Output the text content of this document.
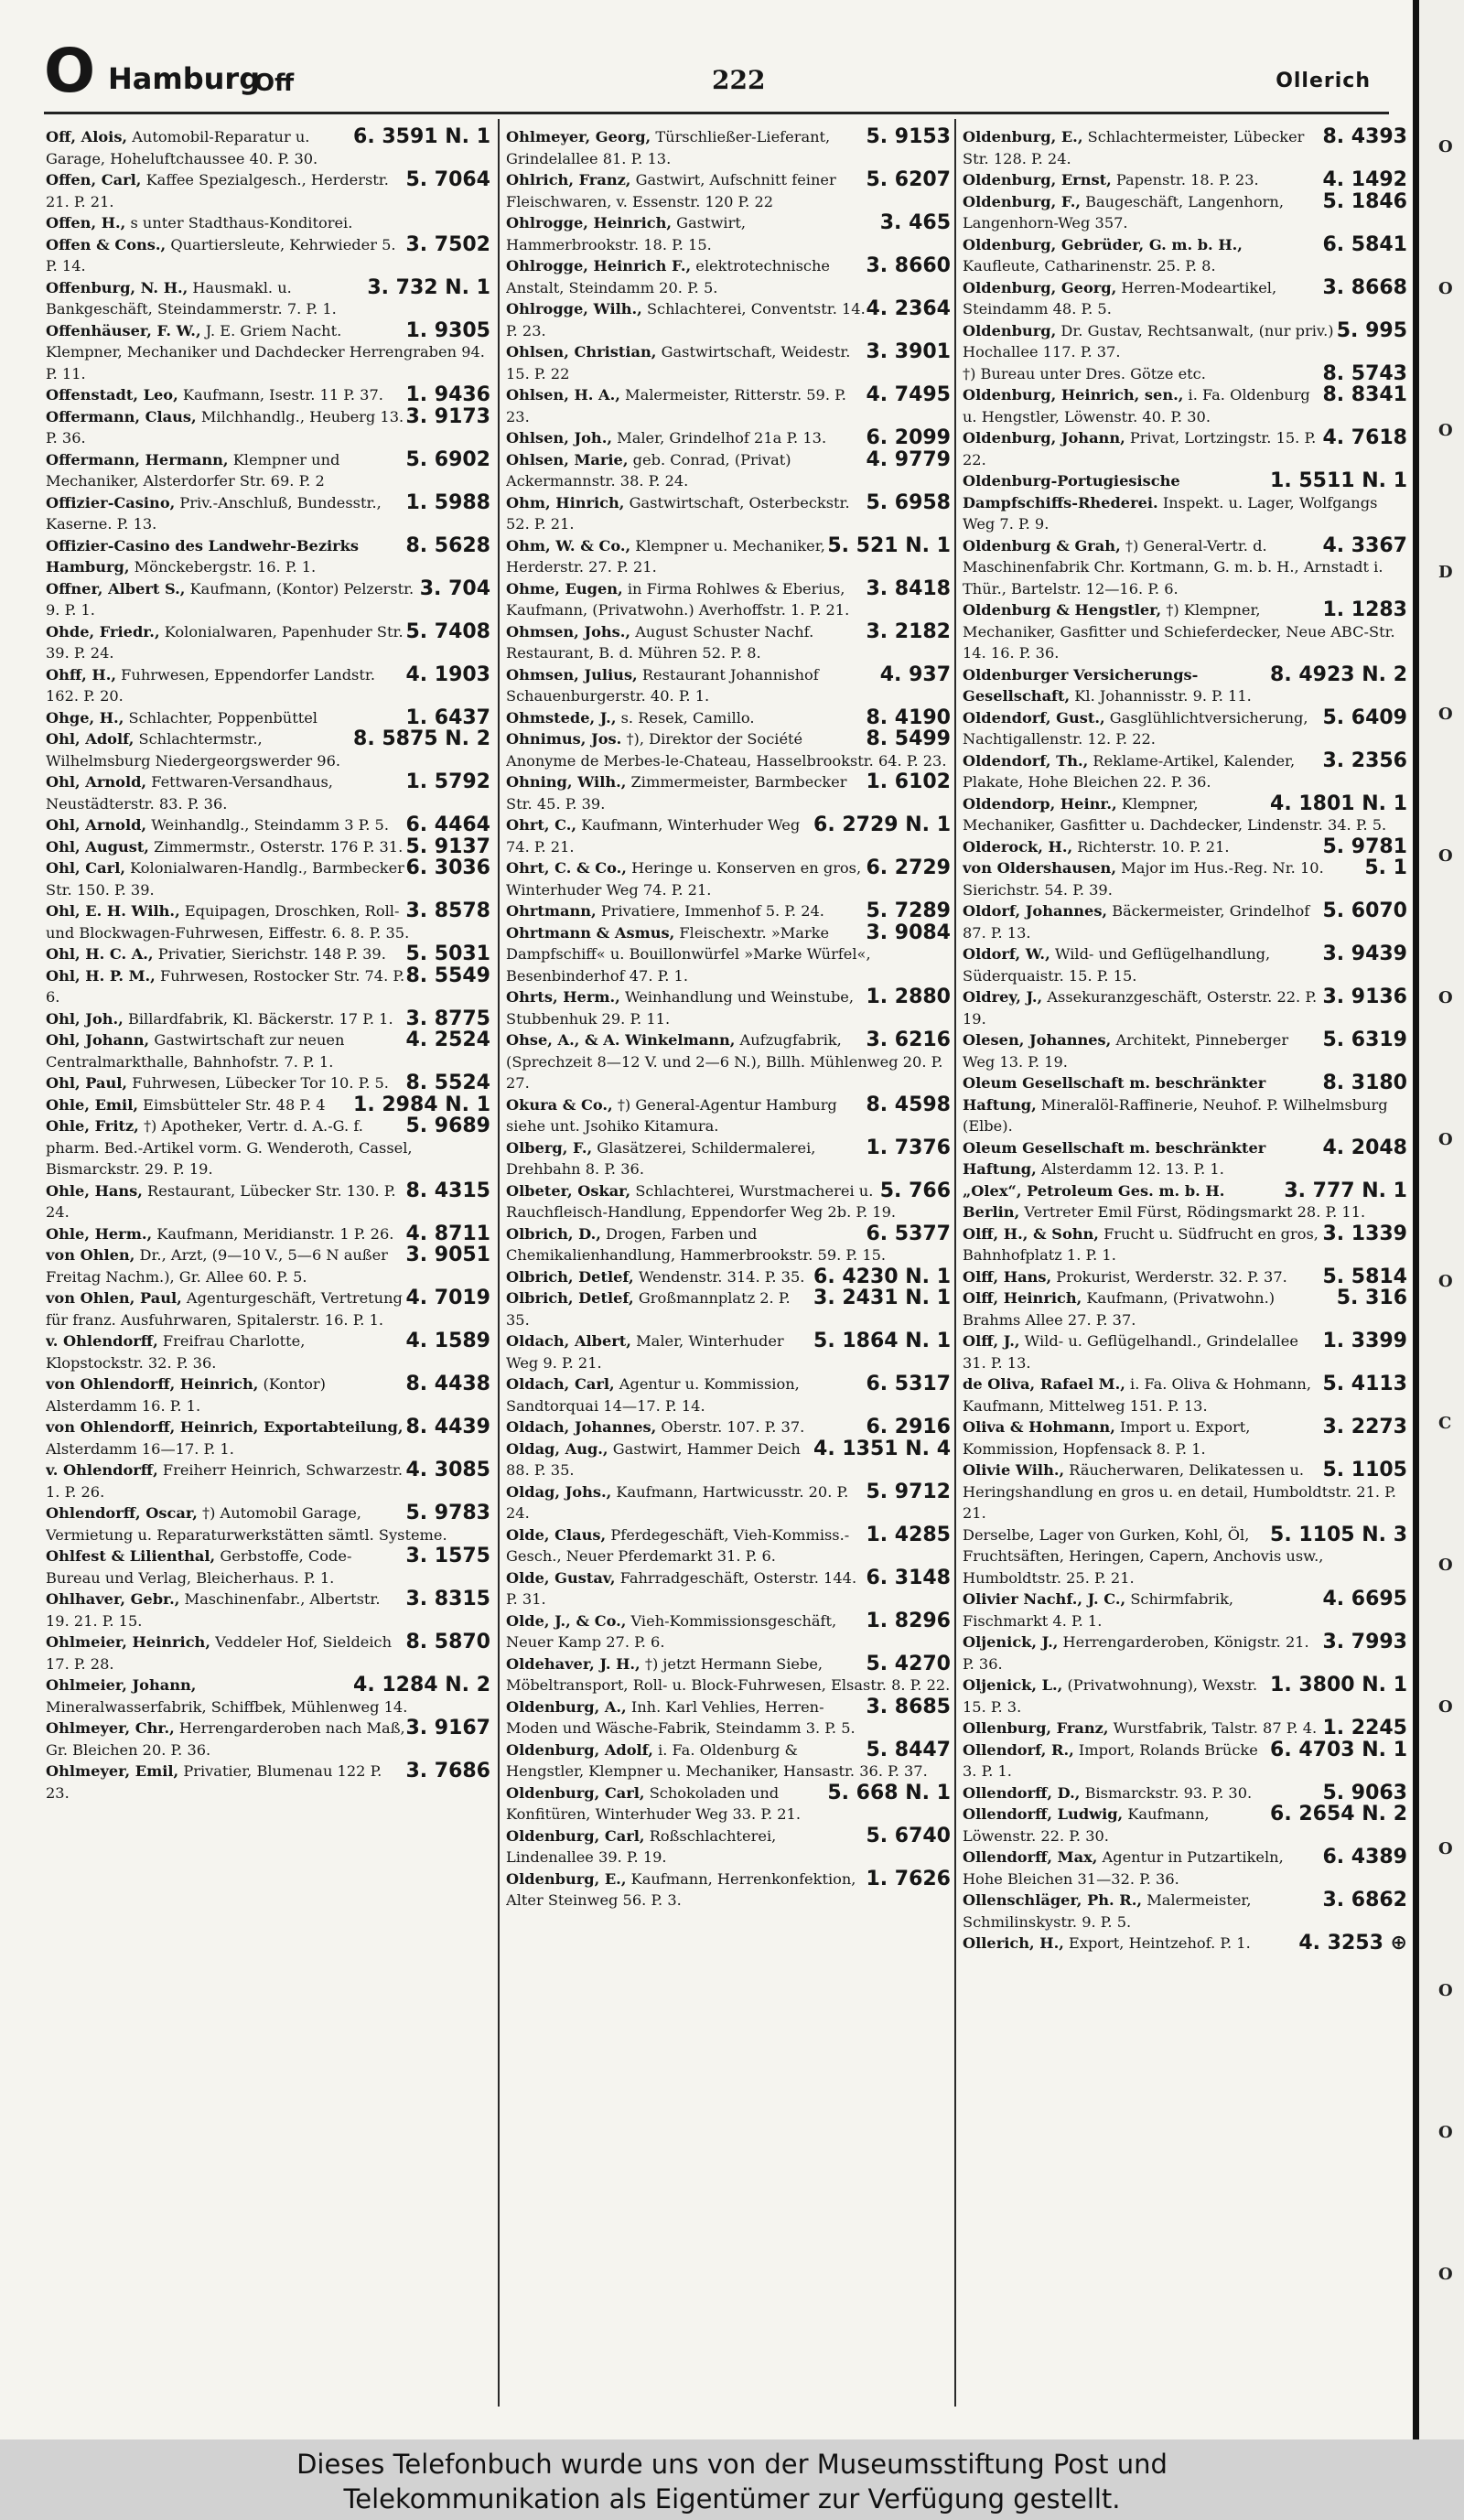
O Hamburg
Off	222	Ollerich

6. 3591 N. 1
Off, Alois, Automobil-Reparatur u. Garage, Hoheluftchaussee 40. P. 30.

5. 7064
Offen, Carl, Kaffee Spezialgesch., Herderstr. 21. P. 21.

Offen, H., s unter Stadthaus-Konditorei.

3. 7502
Offen & Cons., Quartiersleute, Kehrwieder 5. P. 14.

3. 732 N. 1
Offenburg, N. H., Hausmakl. u. Bankgeschäft, Steindammerstr. 7. P. 1.

1. 9305
Offenhäuser, F. W., J. E. Griem Nacht. Klempner, Mechaniker und Dachdecker Herrengraben 94. P. 11.

1. 9436
Offenstadt, Leo, Kaufmann, Isestr. 11 P. 37.

3. 9173
Offermann, Claus, Milchhandlg., Heuberg 13. P. 36.

5. 6902
Offermann, Hermann, Klempner und Mechaniker, Alsterdorfer Str. 69. P. 2

1. 5988
Offizier-Casino, Priv.-Anschluß, Bundesstr., Kaserne. P. 13.

8. 5628
Offizier-Casino des Landwehr-Bezirks Hamburg, Mönckebergstr. 16. P. 1.

3. 704
Offner, Albert S., Kaufmann, (Kontor) Pelzerstr. 9. P. 1.

5. 7408
Ohde, Friedr., Kolonialwaren, Papenhuder Str. 39. P. 24.

4. 1903
Ohff, H., Fuhrwesen, Eppendorfer Landstr. 162. P. 20.

1. 6437
Ohge, H., Schlachter, Poppenbüttel

8. 5875 N. 2
Ohl, Adolf, Schlachtermstr., Wilhelmsburg Niedergeorgswerder 96.

1. 5792
Ohl, Arnold, Fettwaren-Versandhaus, Neustädterstr. 83. P. 36.

6. 4464
Ohl, Arnold, Weinhandlg., Steindamm 3 P. 5.

5. 9137
Ohl, August, Zimmermstr., Osterstr. 176 P. 31.

6. 3036
Ohl, Carl, Kolonialwaren-Handlg., Barmbecker Str. 150. P. 39.

3. 8578
Ohl, E. H. Wilh., Equipagen, Droschken, Roll- und Blockwagen-Fuhrwesen, Eiffestr. 6. 8. P. 35.

5. 5031
Ohl, H. C. A., Privatier, Sierichstr. 148 P. 39.

8. 5549
Ohl, H. P. M., Fuhrwesen, Rostocker Str. 74. P. 6.

3. 8775
Ohl, Joh., Billardfabrik, Kl. Bäckerstr. 17 P. 1.

4. 2524
Ohl, Johann, Gastwirtschaft zur neuen Centralmarkthalle, Bahnhofstr. 7. P. 1.

8. 5524
Ohl, Paul, Fuhrwesen, Lübecker Tor 10. P. 5.

1. 2984 N. 1
Ohle, Emil, Eimsbütteler Str. 48 P. 4

5. 9689
Ohle, Fritz, †) Apotheker, Vertr. d. A.-G. f. pharm. Bed.-Artikel vorm. G. Wenderoth, Cassel, Bismarckstr. 29. P. 19.

8. 4315
Ohle, Hans, Restaurant, Lübecker Str. 130. P. 24.

4. 8711
Ohle, Herm., Kaufmann, Meridianstr. 1 P. 26.

3. 9051
von Ohlen, Dr., Arzt, (9—10 V., 5—6 N außer Freitag Nachm.), Gr. Allee 60. P. 5.

4. 7019
von Ohlen, Paul, Agenturgeschäft, Vertretung für franz. Ausfuhrwaren, Spitalerstr. 16. P. 1.

4. 1589
v. Ohlendorff, Freifrau Charlotte, Klopstockstr. 32. P. 36.

8. 4438
von Ohlendorff, Heinrich, (Kontor) Alsterdamm 16. P. 1.

8. 4439
von Ohlendorff, Heinrich, Exportabteilung, Alsterdamm 16—17. P. 1.

4. 3085
v. Ohlendorff, Freiherr Heinrich, Schwarzestr. 1. P. 26.

5. 9783
Ohlendorff, Oscar, †) Automobil Garage, Vermietung u. Reparaturwerkstätten sämtl. Systeme.

3. 1575
Ohlfest & Lilienthal, Gerbstoffe, Code-Bureau und Verlag, Bleicherhaus. P. 1.

3. 8315
Ohlhaver, Gebr., Maschinenfabr., Albertstr. 19. 21. P. 15.

8. 5870
Ohlmeier, Heinrich, Veddeler Hof, Sieldeich 17. P. 28.

4. 1284 N. 2
Ohlmeier, Johann, Mineralwasserfabrik, Schiffbek, Mühlenweg 14.

3. 9167
Ohlmeyer, Chr., Herrengarderoben nach Maß, Gr. Bleichen 20. P. 36.

3. 7686
Ohlmeyer, Emil, Privatier, Blumenau 122 P. 23.

5. 9153
Ohlmeyer, Georg, Türschließer-Lieferant, Grindelallee 81. P. 13.

5. 6207
Ohlrich, Franz, Gastwirt, Aufschnitt feiner Fleischwaren, v. Essenstr. 120 P. 22

3. 465
Ohlrogge, Heinrich, Gastwirt, Hammerbrookstr. 18. P. 15.

3. 8660
Ohlrogge, Heinrich F., elektrotechnische Anstalt, Steindamm 20. P. 5.

4. 2364
Ohlrogge, Wilh., Schlachterei, Conventstr. 14. P. 23.

3. 3901
Ohlsen, Christian, Gastwirtschaft, Weidestr. 15. P. 22

4. 7495
Ohlsen, H. A., Malermeister, Ritterstr. 59. P. 23.

6. 2099
Ohlsen, Joh., Maler, Grindelhof 21a P. 13.

4. 9779
Ohlsen, Marie, geb. Conrad, (Privat) Ackermannstr. 38. P. 24.

5. 6958
Ohm, Hinrich, Gastwirtschaft, Osterbeckstr. 52. P. 21.

5. 521 N. 1
Ohm, W. & Co., Klempner u. Mechaniker, Herderstr. 27. P. 21.

3. 8418
Ohme, Eugen, in Firma Rohlwes & Eberius, Kaufmann, (Privatwohn.) Averhoffstr. 1. P. 21.

3. 2182
Ohmsen, Johs., August Schuster Nachf. Restaurant, B. d. Mühren 52. P. 8.

4. 937
Ohmsen, Julius, Restaurant Johannishof Schauenburgerstr. 40. P. 1.

8. 4190
Ohmstede, J., s. Resek, Camillo.

8. 5499
Ohnimus, Jos. †), Direktor der Société Anonyme de Merbes-le-Chateau, Hasselbrookstr. 64. P. 23.

1. 6102
Ohning, Wilh., Zimmermeister, Barmbecker Str. 45. P. 39.

6. 2729 N. 1
Ohrt, C., Kaufmann, Winterhuder Weg 74. P. 21.

6. 2729
Ohrt, C. & Co., Heringe u. Konserven en gros, Winterhuder Weg 74. P. 21.

5. 7289
Ohrtmann, Privatiere, Immenhof 5. P. 24.

3. 9084
Ohrtmann & Asmus, Fleischextr. »Marke Dampfschiff« u. Bouillonwürfel »Marke Würfel«, Besenbinderhof 47. P. 1.

1. 2880
Ohrts, Herm., Weinhandlung und Weinstube, Stubbenhuk 29. P. 11.

3. 6216
Ohse, A., & A. Winkelmann, Aufzugfabrik, (Sprechzeit 8—12 V. und 2—6 N.), Billh. Mühlenweg 20. P. 27.

8. 4598
Okura & Co., †) General-Agentur Hamburg siehe unt. Jsohiko Kitamura.

1. 7376
Olberg, F., Glasätzerei, Schildermalerei, Drehbahn 8. P. 36.

5. 766
Olbeter, Oskar, Schlachterei, Wurstmacherei u. Rauchfleisch-Handlung, Eppendorfer Weg 2b. P. 19.

6. 5377
Olbrich, D., Drogen, Farben und Chemikalienhandlung, Hammerbrookstr. 59. P. 15.

6. 4230 N. 1
Olbrich, Detlef, Wendenstr. 314. P. 35.

3. 2431 N. 1
Olbrich, Detlef, Großmannplatz 2. P. 35.

5. 1864 N. 1
Oldach, Albert, Maler, Winterhuder Weg 9. P. 21.

6. 5317
Oldach, Carl, Agentur u. Kommission, Sandtorquai 14—17. P. 14.

6. 2916
Oldach, Johannes, Oberstr. 107. P. 37.

4. 1351 N. 4
Oldag, Aug., Gastwirt, Hammer Deich 88. P. 35.

5. 9712
Oldag, Johs., Kaufmann, Hartwicusstr. 20. P. 24.

1. 4285
Olde, Claus, Pferdegeschäft, Vieh-Kommiss.-Gesch., Neuer Pferdemarkt 31. P. 6.

6. 3148
Olde, Gustav, Fahrradgeschäft, Osterstr. 144. P. 31.

1. 8296
Olde, J., & Co., Vieh-Kommissionsgeschäft, Neuer Kamp 27. P. 6.

5. 4270
Oldehaver, J. H., †) jetzt Hermann Siebe, Möbeltransport, Roll- u. Block-Fuhrwesen, Elsastr. 8. P. 22.

3. 8685
Oldenburg, A., Inh. Karl Vehlies, Herren-Moden und Wäsche-Fabrik, Steindamm 3. P. 5.

5. 8447
Oldenburg, Adolf, i. Fa. Oldenburg & Hengstler, Klempner u. Mechaniker, Hansastr. 36. P. 37.

5. 668 N. 1
Oldenburg, Carl, Schokoladen und Konfitüren, Winterhuder Weg 33. P. 21.

5. 6740
Oldenburg, Carl, Roßschlachterei, Lindenallee 39. P. 19.

1. 7626
Oldenburg, E., Kaufmann, Herrenkonfektion, Alter Steinweg 56. P. 3.

8. 4393
Oldenburg, E., Schlachtermeister, Lübecker Str. 128. P. 24.

4. 1492
Oldenburg, Ernst, Papenstr. 18. P. 23.

5. 1846
Oldenburg, F., Baugeschäft, Langenhorn, Langenhorn-Weg 357.

6. 5841
Oldenburg, Gebrüder, G. m. b. H., Kaufleute, Catharinenstr. 25. P. 8.

3. 8668
Oldenburg, Georg, Herren-Modeartikel, Steindamm 48. P. 5.

5. 995
Oldenburg, Dr. Gustav, Rechtsanwalt, (nur priv.) Hochallee 117. P. 37.

8. 5743
†) Bureau unter Dres. Götze etc.

8. 8341
Oldenburg, Heinrich, sen., i. Fa. Oldenburg u. Hengstler, Löwenstr. 40. P. 30.

4. 7618
Oldenburg, Johann, Privat, Lortzingstr. 15. P. 22.

1. 5511 N. 1
Oldenburg-Portugiesische Dampfschiffs-Rhederei. Inspekt. u. Lager, Wolfgangs Weg 7. P. 9.

4. 3367
Oldenburg & Grah, †) General-Vertr. d. Maschinenfabrik Chr. Kortmann, G. m. b. H., Arnstadt i. Thür., Bartelstr. 12—16. P. 6.

1. 1283
Oldenburg & Hengstler, †) Klempner, Mechaniker, Gasfitter und Schieferdecker, Neue ABC-Str. 14. 16. P. 36.

8. 4923 N. 2
Oldenburger Versicherungs-Gesellschaft, Kl. Johannisstr. 9. P. 11.

5. 6409
Oldendorf, Gust., Gasglühlichtversicherung, Nachtigallenstr. 12. P. 22.

3. 2356
Oldendorf, Th., Reklame-Artikel, Kalender, Plakate, Hohe Bleichen 22. P. 36.

4. 1801 N. 1
Oldendorp, Heinr., Klempner, Mechaniker, Gasfitter u. Dachdecker, Lindenstr. 34. P. 5.

5. 9781
Olderock, H., Richterstr. 10. P. 21.

5. 1
von Oldershausen, Major im Hus.-Reg. Nr. 10. Sierichstr. 54. P. 39.

5. 6070
Oldorf, Johannes, Bäckermeister, Grindelhof 87. P. 13.

3. 9439
Oldorf, W., Wild- und Geflügelhandlung, Süderquaistr. 15. P. 15.

3. 9136
Oldrey, J., Assekuranzgeschäft, Osterstr. 22. P. 19.

5. 6319
Olesen, Johannes, Architekt, Pinneberger Weg 13. P. 19.

8. 3180
Oleum Gesellschaft m. beschränkter Haftung, Mineralöl-Raffinerie, Neuhof. P. Wilhelmsburg (Elbe).

4. 2048
Oleum Gesellschaft m. beschränkter Haftung, Alsterdamm 12. 13. P. 1.

3. 777 N. 1
„Olex“, Petroleum Ges. m. b. H. Berlin, Vertreter Emil Fürst, Rödingsmarkt 28. P. 11.

3. 1339
Olff, H., & Sohn, Frucht u. Südfrucht en gros, Bahnhofplatz 1. P. 1.

5. 5814
Olff, Hans, Prokurist, Werderstr. 32. P. 37.

5. 316
Olff, Heinrich, Kaufmann, (Privatwohn.) Brahms Allee 27. P. 37.

1. 3399
Olff, J., Wild- u. Geflügelhandl., Grindelallee 31. P. 13.

5. 4113
de Oliva, Rafael M., i. Fa. Oliva & Hohmann, Kaufmann, Mittelweg 151. P. 13.

3. 2273
Oliva & Hohmann, Import u. Export, Kommission, Hopfensack 8. P. 1.

5. 1105
Olivie Wilh., Räucherwaren, Delikatessen u. Heringshandlung en gros u. en detail, Humboldtstr. 21. P. 21.

5. 1105 N. 3
Derselbe, Lager von Gurken, Kohl, Öl, Fruchtsäften, Heringen, Capern, Anchovis usw., Humboldtstr. 25. P. 21.

4. 6695
Olivier Nachf., J. C., Schirmfabrik, Fischmarkt 4. P. 1.

3. 7993
Oljenick, J., Herrengarderoben, Königstr. 21. P. 36.

1. 3800 N. 1
Oljenick, L., (Privatwohnung), Wexstr. 15. P. 3.

1. 2245
Ollenburg, Franz, Wurstfabrik, Talstr. 87 P. 4.

6. 4703 N. 1
Ollendorf, R., Import, Rolands Brücke 3. P. 1.

5. 9063
Ollendorff, D., Bismarckstr. 93. P. 30.

6. 2654 N. 2
Ollendorff, Ludwig, Kaufmann, Löwenstr. 22. P. 30.

6. 4389
Ollendorff, Max, Agentur in Putzartikeln, Hohe Bleichen 31—32. P. 36.

3. 6862
Ollenschläger, Ph. R., Malermeister, Schmilinskystr. 9. P. 5.

4. 3253 ⊕
Ollerich, H., Export, Heintzehof. P. 1.

O
O
O
D
O
O
O
O
O
C
O
O
O
O
O
O
Dieses Telefonbuch wurde uns von der Museumsstiftung Post und
Telekommunikation als Eigentümer zur Verfügung gestellt.
